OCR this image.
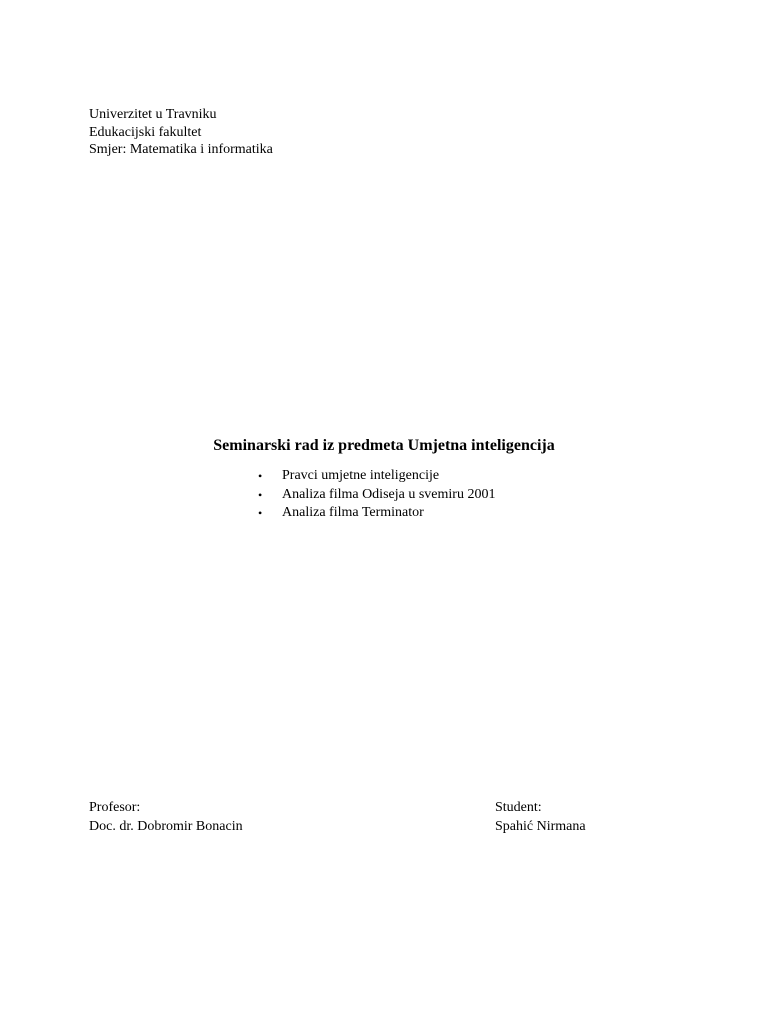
Univerzitet u Travniku
Edukacijski fakultet
Smjer: Matematika i informatika
Seminarski rad iz predmeta Umjetna inteligencija
• Pravci umjetne inteligencije
• Analiza filma Odiseja u svemiru 2001
• Analiza filma Terminator
Profesor:
Doc. dr. Dobromir Bonacin
Student:
Spahić Nirmana
